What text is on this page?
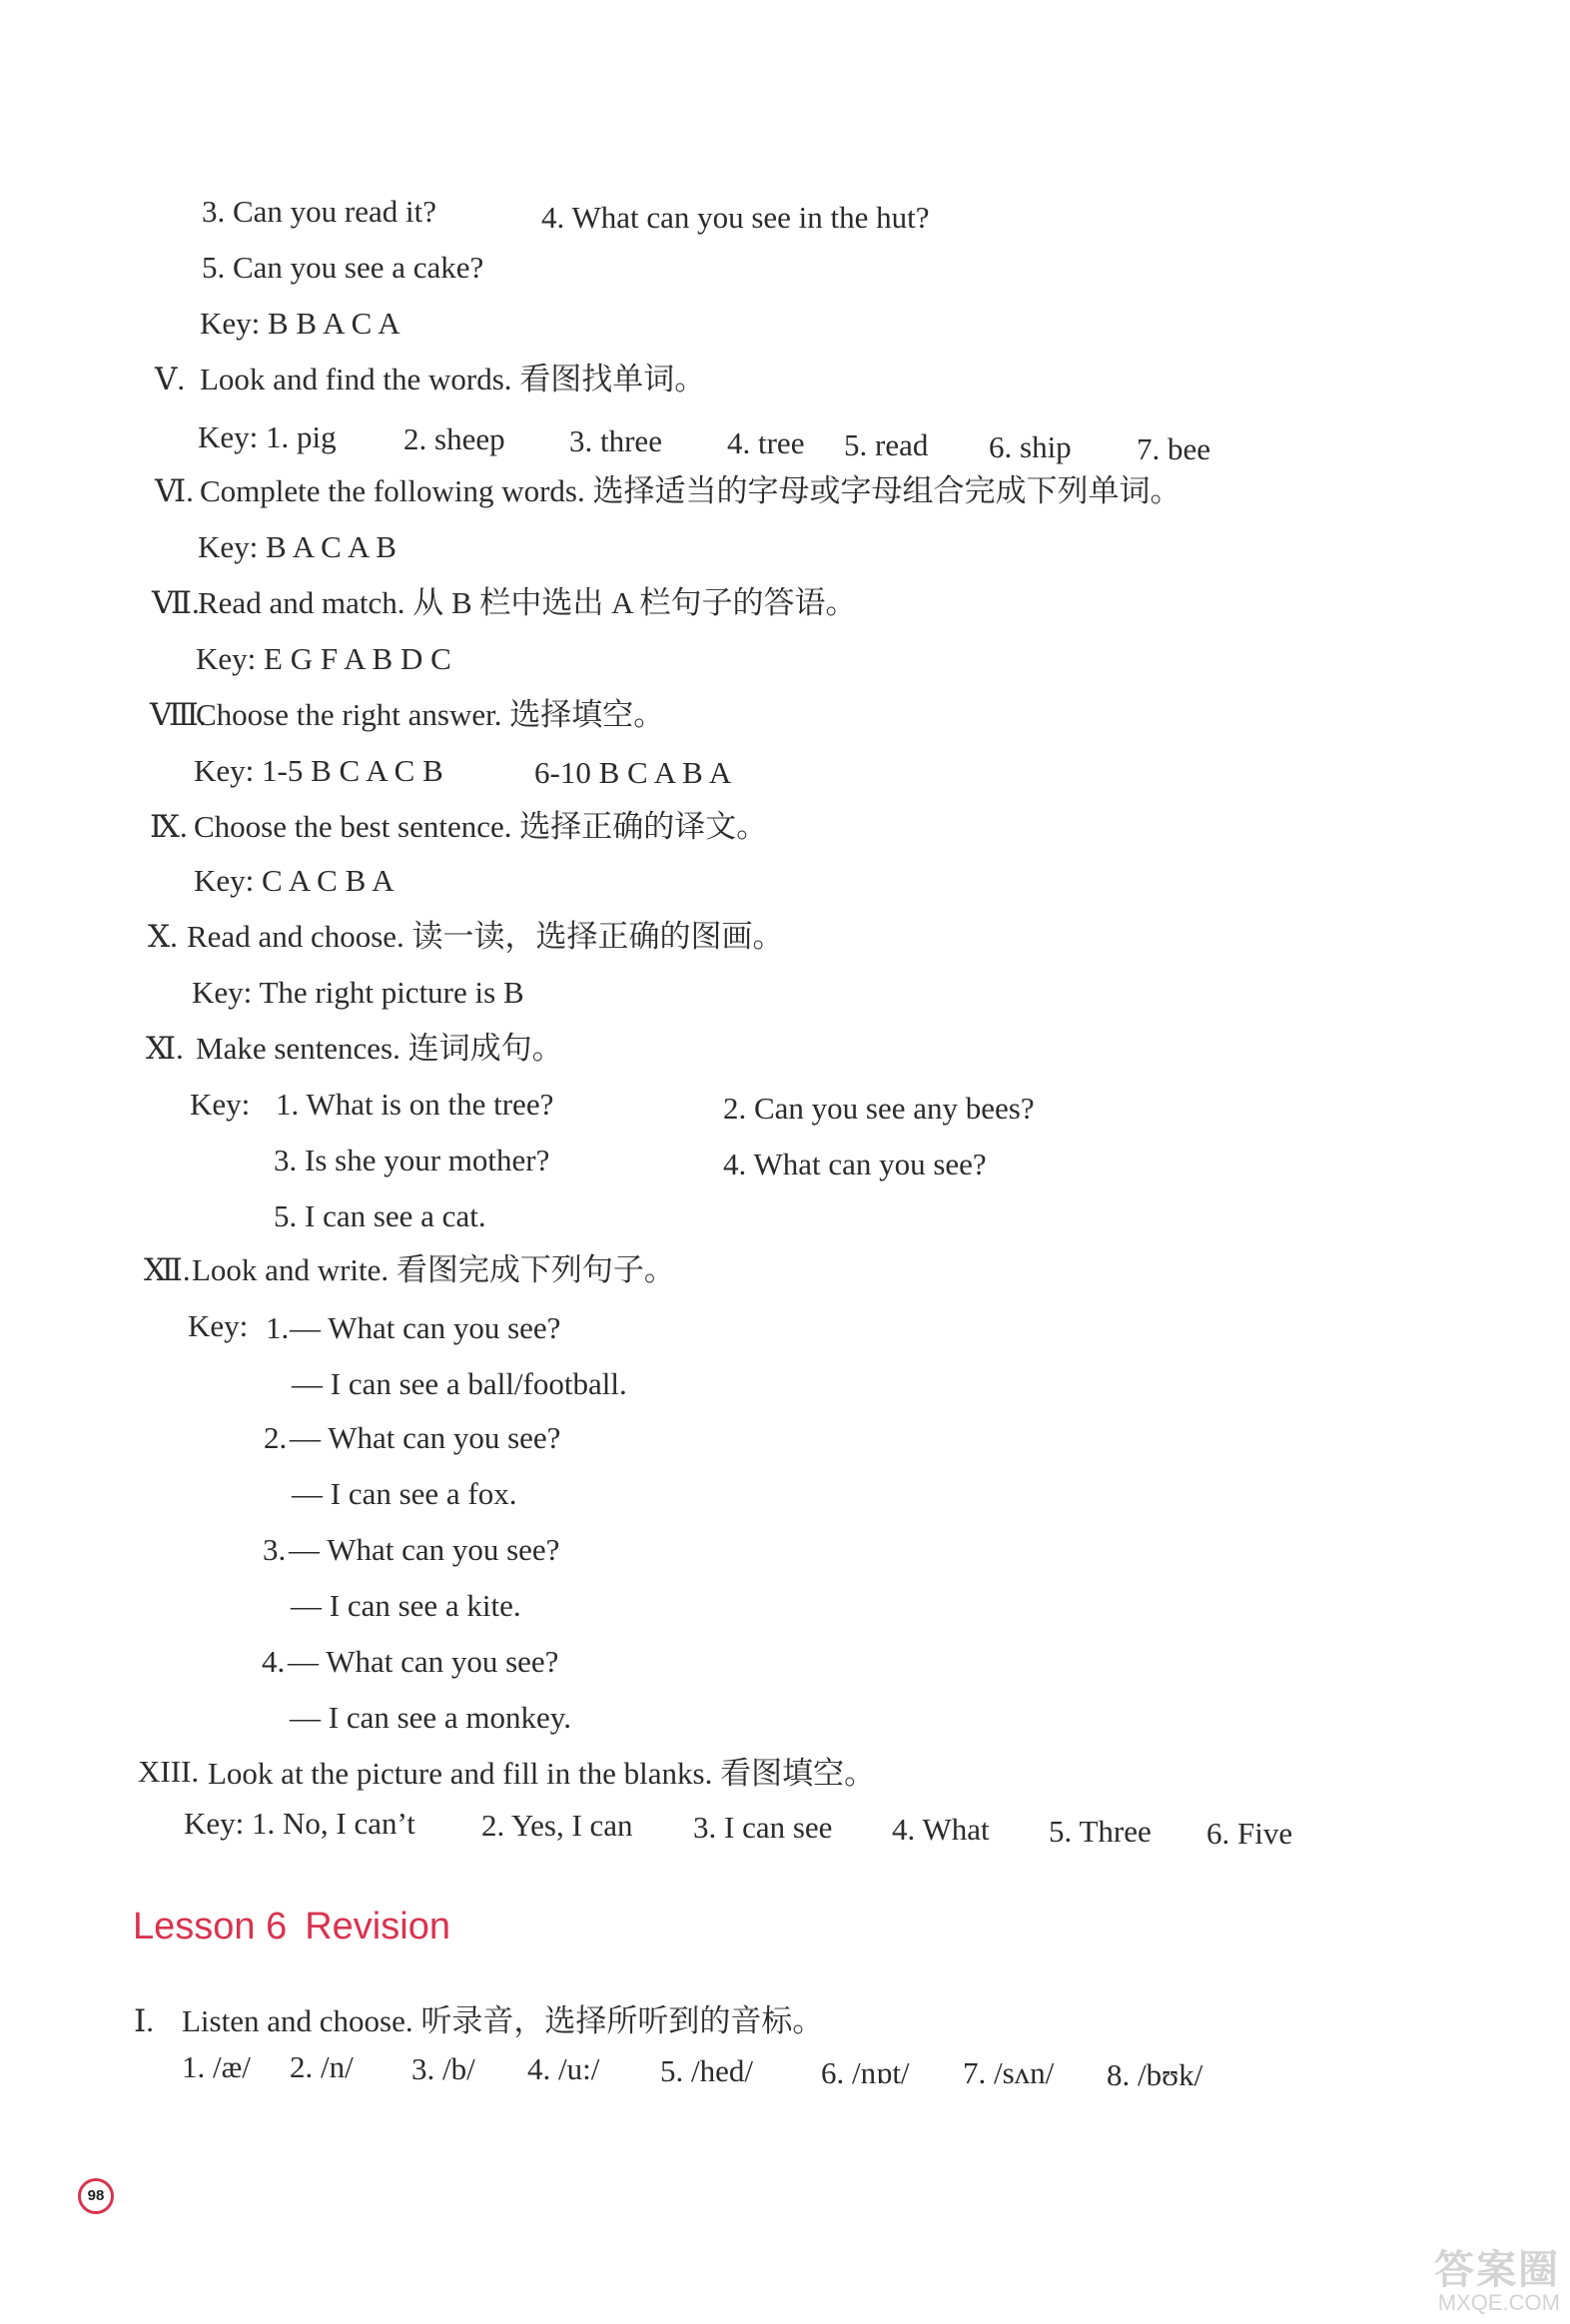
3. Can you read it?	4. What can you see in the hut?
5. Can you see a cake?
Key: B B A C A
Ⅴ. Look and find the words. 看图找单词。
Key: 1. pig 2. sheep 3. three 4. tree 5. read 6. ship 7. bee
Ⅵ. Complete the following words. 选择适当的字母或字母组合完成下列单词。
Key: B A C A B
Ⅶ.
Read and match. 从 B 栏中选出 A 栏句子的答语。
Key: E G F A B D C
Ⅷ.
Choose the right answer. 选择填空。
Key: 1-5 B C A C B	6-10 B C A B A
Ⅸ. Choose the best sentence. 选择正确的译文。
Key: C A C B A
Ⅹ. Read and choose. 读一读，选择正确的图画。
Key: The right picture is B
Ⅺ. Make sentences. 连词成句。
Key: 1. What is on the tree?	2. Can you see any bees?
3. Is she your mother?	4. What can you see?
5. I can see a cat.
Ⅻ. Look and write. 看图完成下列句子。
Key: 1. — What can you see?
— I can see a ball/football.
2. — What can you see?
— I can see a fox.
3. — What can you see?
— I can see a kite.
4. — What can you see?
— I can see a monkey.
XIII. Look at the picture and fill in the blanks. 看图填空。
Key: 1. No, I can’t 2. Yes, I can 3. I can see 4. What 5. Three 6. Five
Lesson 6 Revision
Ⅰ. Listen and choose. 听录音，选择所听到的音标。
1. /æ/ 2. /n/ 3. /b/ 4. /u:/ 5. /hed/ 6. /nɒt/ 7. /sʌn/ 8. /bʊk/
98
答案圈
MXQE.COM
